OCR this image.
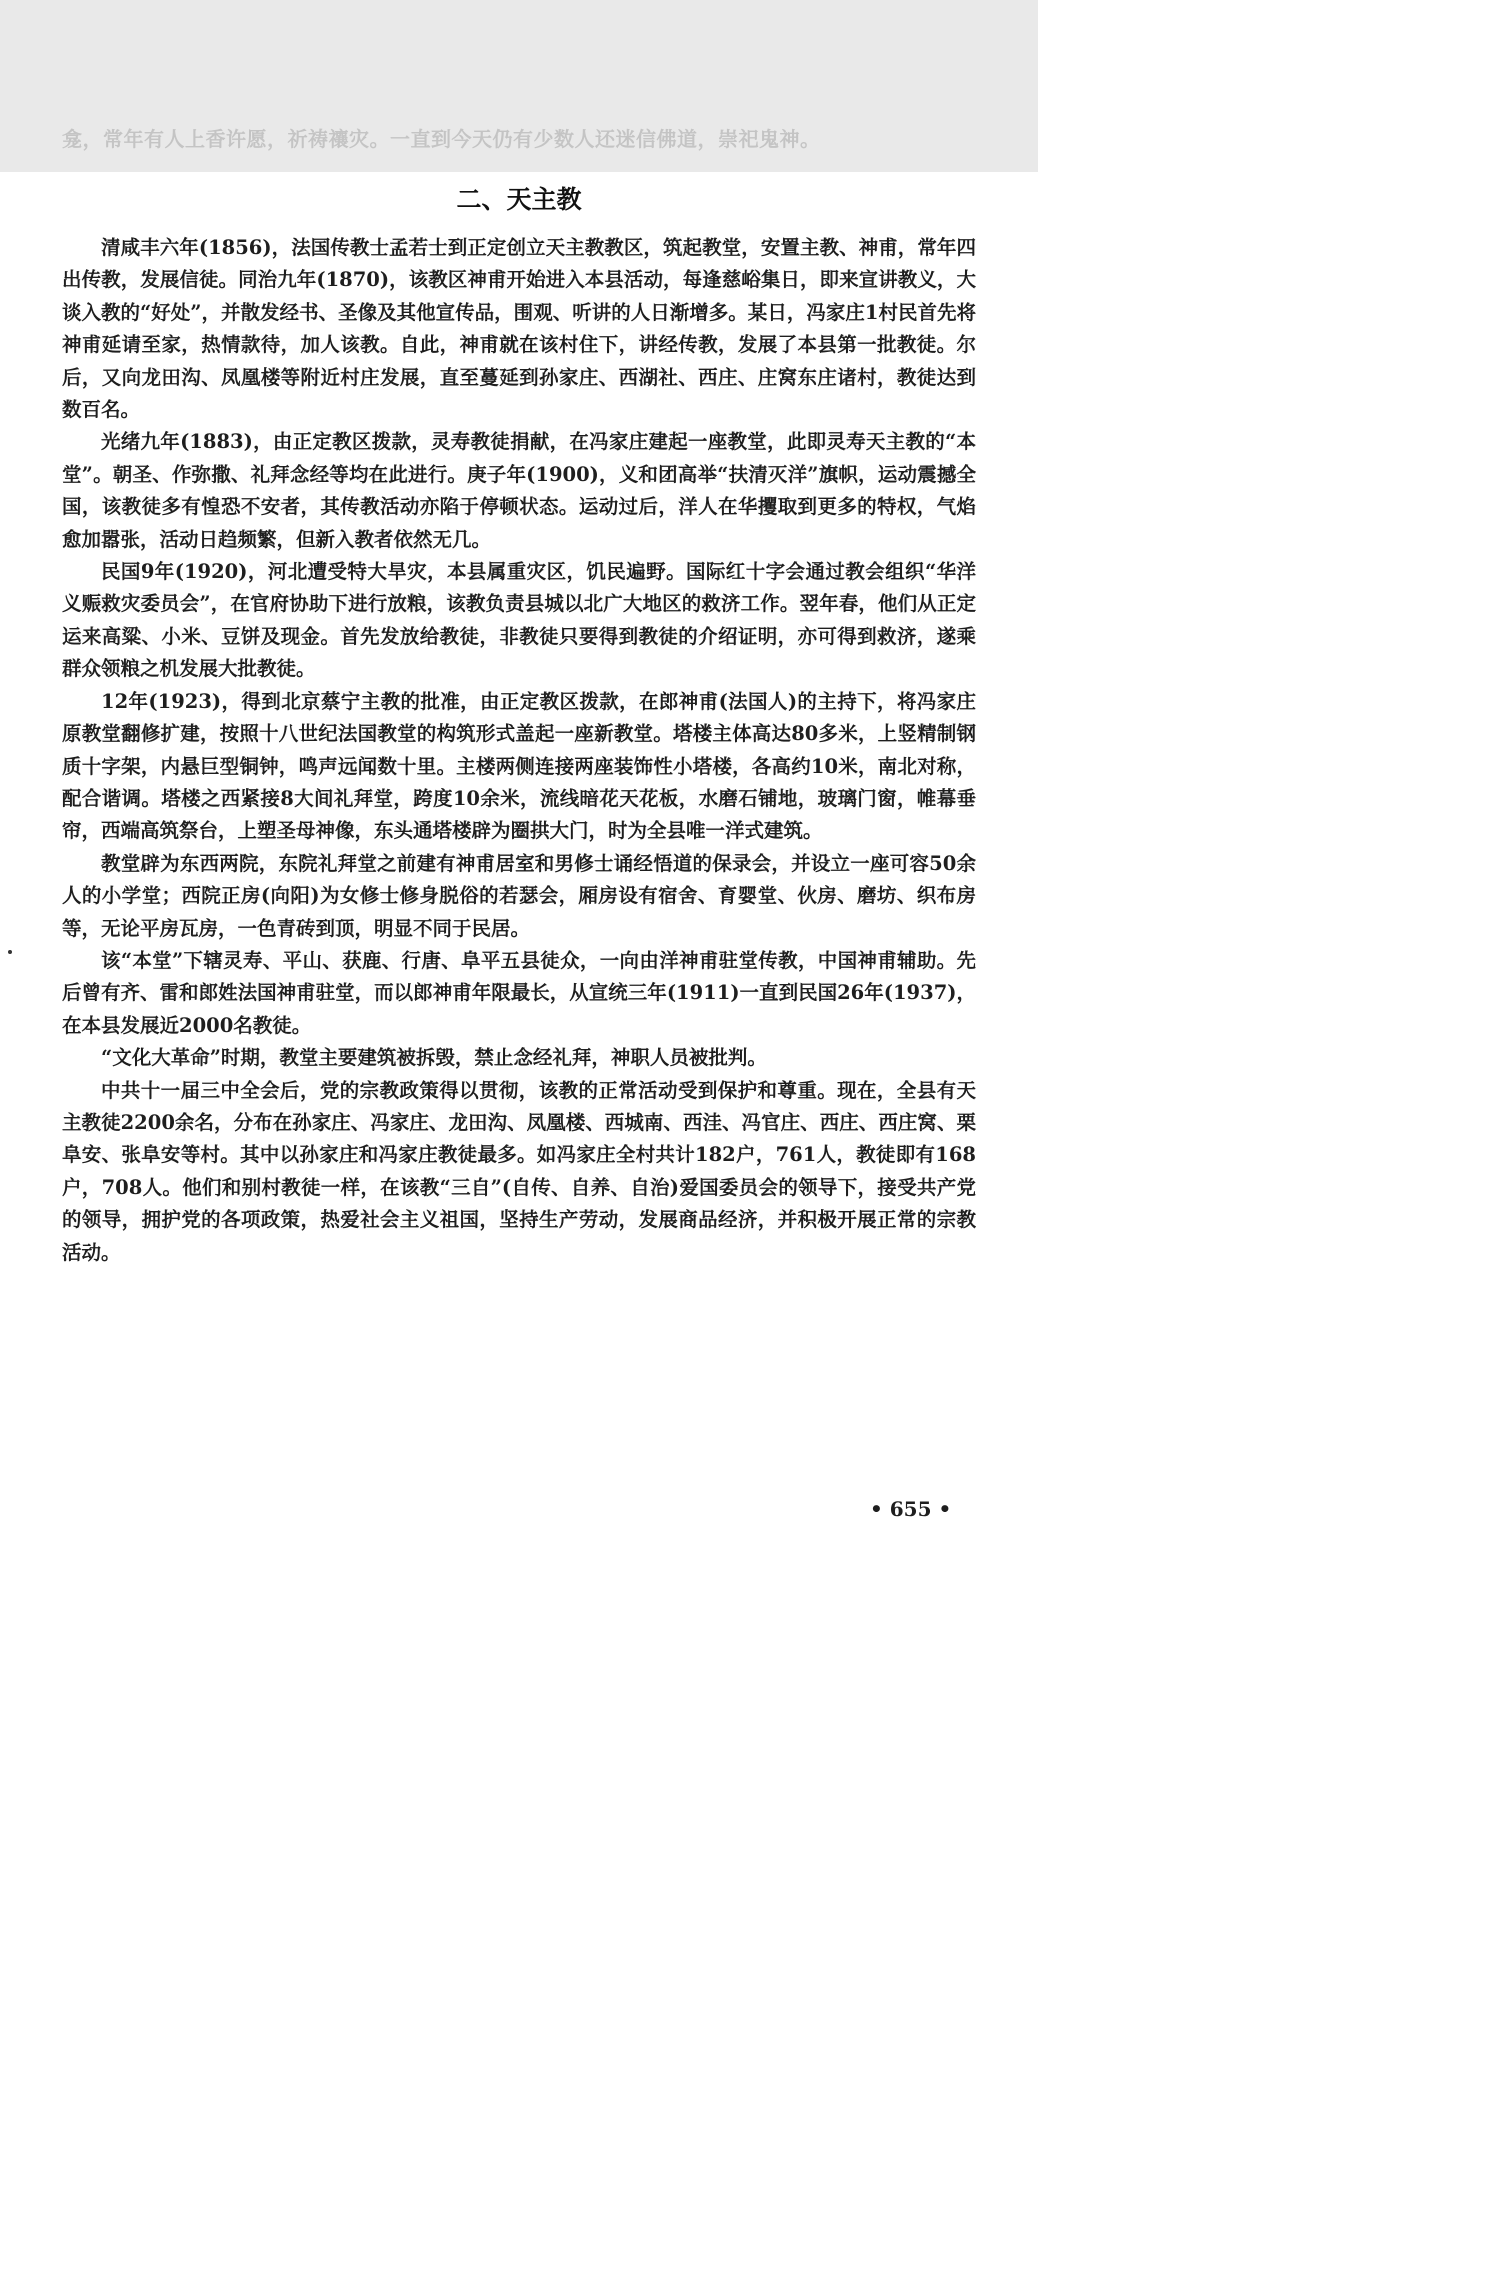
龛，常年有人上香许愿，祈祷禳灾。一直到今天仍有少数人还迷信佛道，崇祀鬼神。
二、天主教

清咸丰六年(1856)，法国传教士孟若士到正定创立天主教教区，筑起教堂，安置主教、神甫，常年四出传教，发展信徒。同治九年(1870)，该教区神甫开始进入本县活动，每逢慈峪集日，即来宣讲教义，大谈入教的“好处”，并散发经书、圣像及其他宣传品，围观、听讲的人日渐增多。某日，冯家庄1村民首先将神甫延请至家，热情款待，加人该教。自此，神甫就在该村住下，讲经传教，发展了本县第一批教徒。尔后，又向龙田沟、凤凰楼等附近村庄发展，直至蔓延到孙家庄、西湖社、西庄、庄窝东庄诸村，教徒达到数百名。

光绪九年(1883)，由正定教区拨款，灵寿教徒捐献，在冯家庄建起一座教堂，此即灵寿天主教的“本堂”。朝圣、作弥撒、礼拜念经等均在此进行。庚子年(1900)，义和团高举“扶清灭洋”旗帜，运动震撼全国，该教徒多有惶恐不安者，其传教活动亦陷于停顿状态。运动过后，洋人在华攫取到更多的特权，气焰愈加嚣张，活动日趋频繁，但新入教者依然无几。

民国9年(1920)，河北遭受特大旱灾，本县属重灾区，饥民遍野。国际红十字会通过教会组织“华洋义赈救灾委员会”，在官府协助下进行放粮，该教负责县城以北广大地区的救济工作。翌年春，他们从正定运来高粱、小米、豆饼及现金。首先发放给教徒，非教徒只要得到教徒的介绍证明，亦可得到救济，遂乘群众领粮之机发展大批教徒。

12年(1923)，得到北京蔡宁主教的批准，由正定教区拨款，在郎神甫(法国人)的主持下，将冯家庄原教堂翻修扩建，按照十八世纪法国教堂的构筑形式盖起一座新教堂。塔楼主体高达80多米，上竖精制钢质十字架，内悬巨型铜钟，鸣声远闻数十里。主楼两侧连接两座装饰性小塔楼，各高约10米，南北对称，配合谐调。塔楼之西紧接8大间礼拜堂，跨度10余米，流线暗花天花板，水磨石铺地，玻璃门窗，帷幕垂帘，西端高筑祭台，上塑圣母神像，东头通塔楼辟为圈拱大门，时为全县唯一洋式建筑。

教堂辟为东西两院，东院礼拜堂之前建有神甫居室和男修士诵经悟道的保录会，并设立一座可容50余人的小学堂；西院正房(向阳)为女修士修身脱俗的若瑟会，厢房设有宿舍、育婴堂、伙房、磨坊、织布房等，无论平房瓦房，一色青砖到顶，明显不同于民居。

该“本堂”下辖灵寿、平山、获鹿、行唐、阜平五县徒众，一向由洋神甫驻堂传教，中国神甫辅助。先后曾有齐、雷和郎姓法国神甫驻堂，而以郎神甫年限最长，从宣统三年(1911)一直到民国26年(1937)，在本县发展近2000名教徒。

“文化大革命”时期，教堂主要建筑被拆毁，禁止念经礼拜，神职人员被批判。

中共十一届三中全会后，党的宗教政策得以贯彻，该教的正常活动受到保护和尊重。现在，全县有天主教徒2200余名，分布在孙家庄、冯家庄、龙田沟、凤凰楼、西城南、西洼、冯官庄、西庄、西庄窝、栗阜安、张阜安等村。其中以孙家庄和冯家庄教徒最多。如冯家庄全村共计182户，761人，教徒即有168户，708人。他们和别村教徒一样，在该教“三自”(自传、自养、自治)爱国委员会的领导下，接受共产党的领导，拥护党的各项政策，热爱社会主义祖国，坚持生产劳动，发展商品经济，并积极开展正常的宗教活动。

• 655 •
